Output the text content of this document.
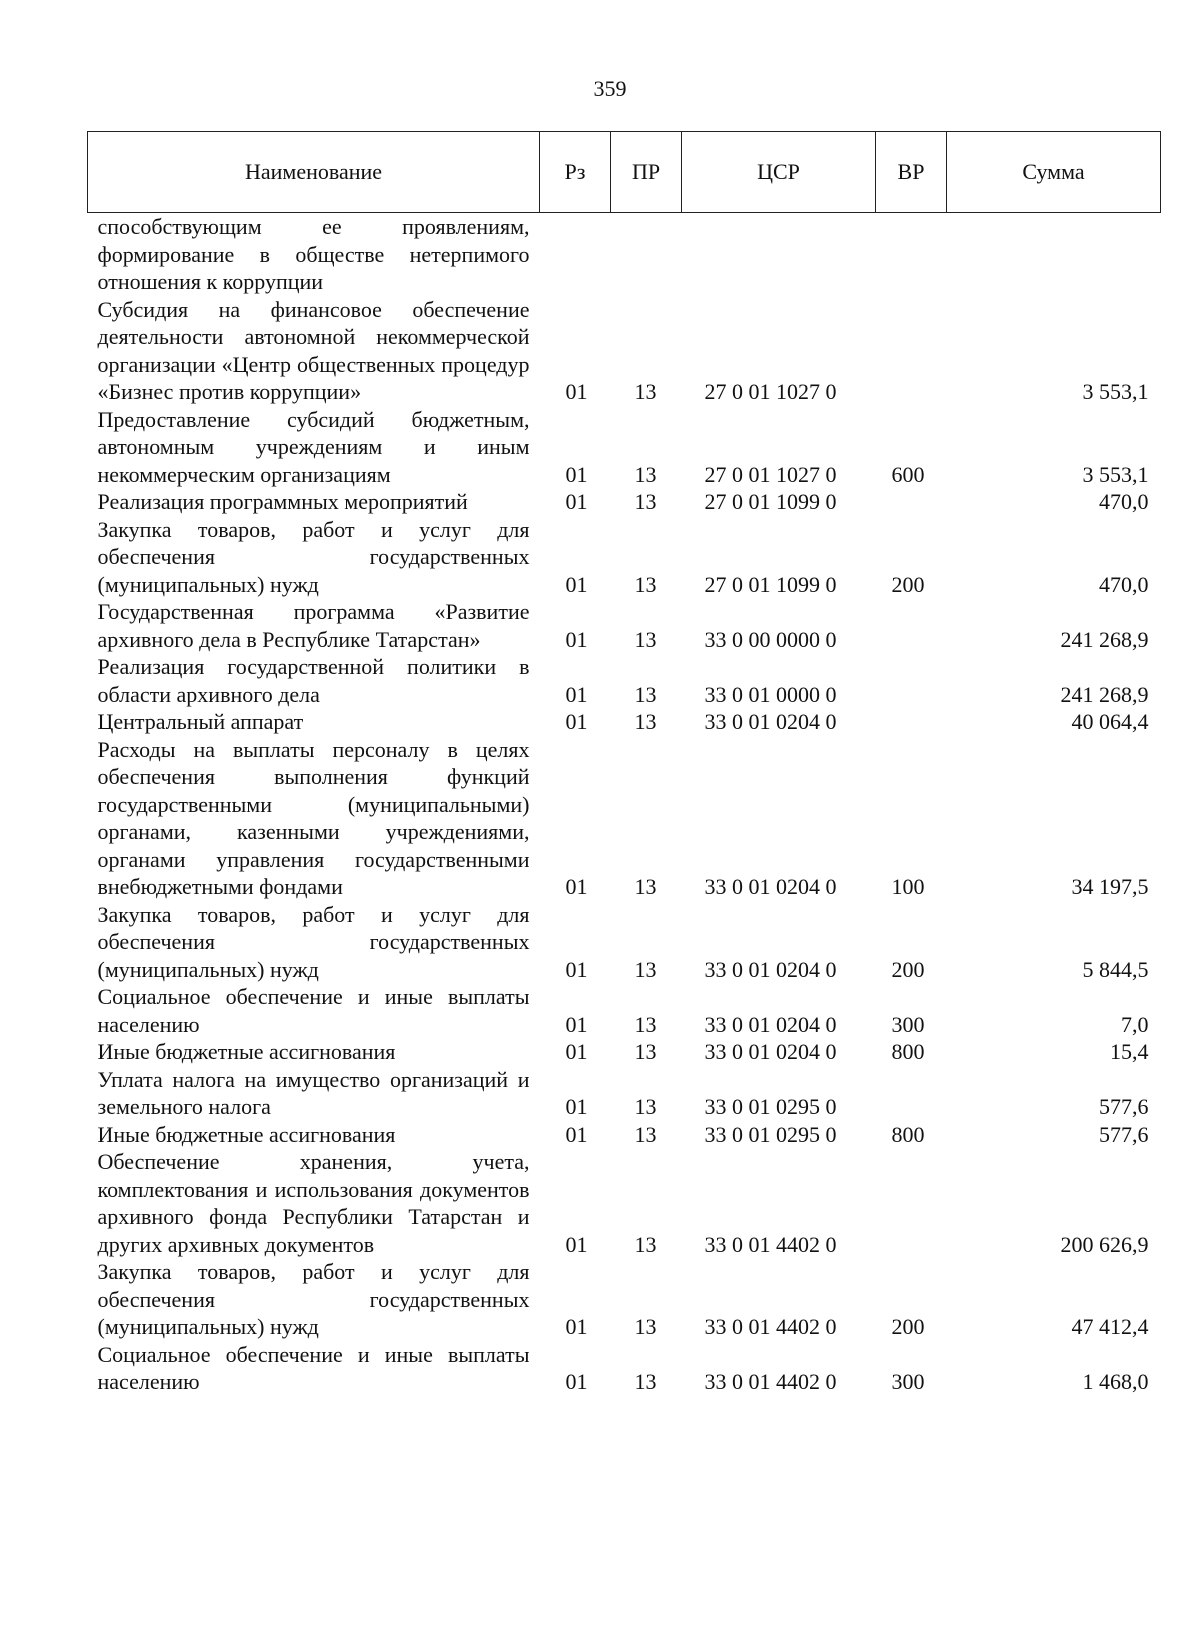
359
Наименование	Рз	ПР	ЦСР	ВР	Сумма
способствующим ее проявлениям, формирование в обществе нетерпимого отношения к коррупции					
Субсидия на финансовое обеспечение деятельности автономной некоммерческой организации «Центр общественных процедур «Бизнес против коррупции»	01	13	27 0 01 1027 0		3 553,1
Предоставление субсидий бюджетным, автономным учреждениям и иным некоммерческим организациям	01	13	27 0 01 1027 0	600	3 553,1
Реализация программных мероприятий	01	13	27 0 01 1099 0		470,0
Закупка товаров, работ и услуг для обеспечения государственных (муниципальных) нужд	01	13	27 0 01 1099 0	200	470,0
Государственная программа «Развитие архивного дела в Республике Татарстан»	01	13	33 0 00 0000 0		241 268,9
Реализация государственной политики в области архивного дела	01	13	33 0 01 0000 0		241 268,9
Центральный аппарат	01	13	33 0 01 0204 0		40 064,4
Расходы на выплаты персоналу в целях обеспечения выполнения функций государственными (муниципальными) органами, казенными учреждениями, органами управления государственными внебюджетными фондами	01	13	33 0 01 0204 0	100	34 197,5
Закупка товаров, работ и услуг для обеспечения государственных (муниципальных) нужд	01	13	33 0 01 0204 0	200	5 844,5
Социальное обеспечение и иные выплаты населению	01	13	33 0 01 0204 0	300	7,0
Иные бюджетные ассигнования	01	13	33 0 01 0204 0	800	15,4
Уплата налога на имущество организаций и земельного налога	01	13	33 0 01 0295 0		577,6
Иные бюджетные ассигнования	01	13	33 0 01 0295 0	800	577,6
Обеспечение хранения, учета, комплектования и использования документов архивного фонда Республики Татарстан и других архивных документов	01	13	33 0 01 4402 0		200 626,9
Закупка товаров, работ и услуг для обеспечения государственных (муниципальных) нужд	01	13	33 0 01 4402 0	200	47 412,4
Социальное обеспечение и иные выплаты населению	01	13	33 0 01 4402 0	300	1 468,0
